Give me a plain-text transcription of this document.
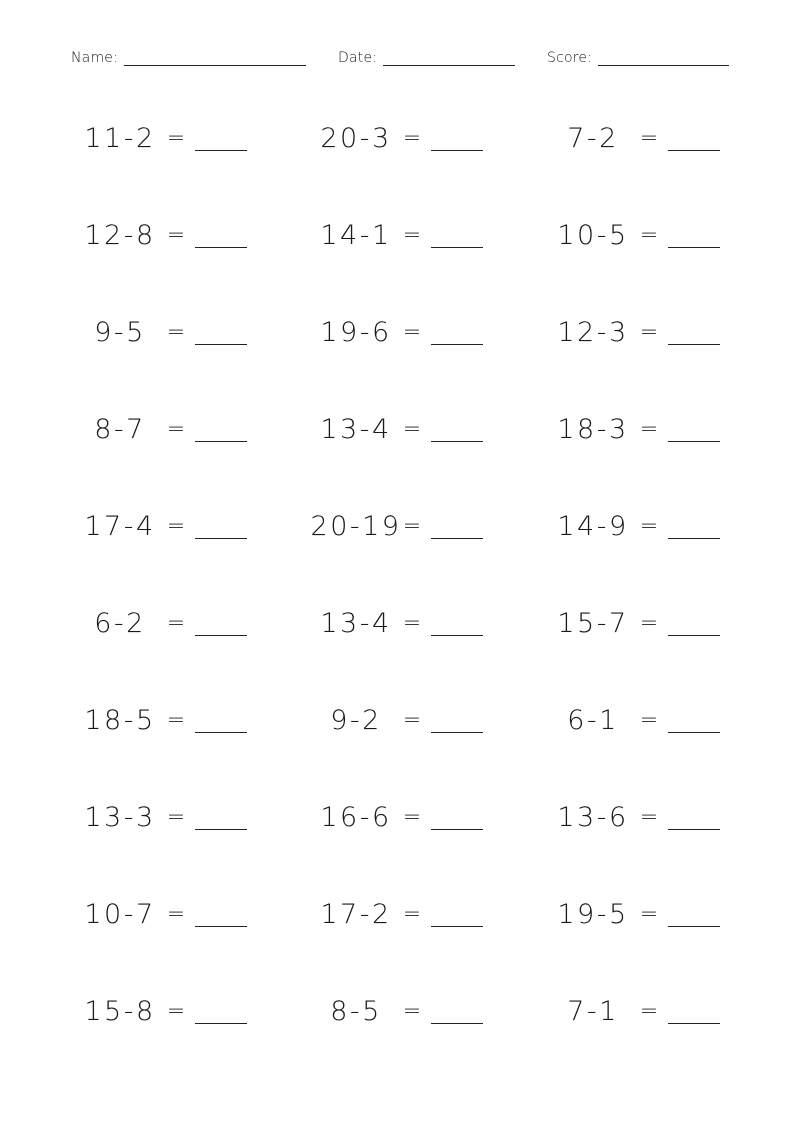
Name:	Date:	Score:
11-2 =	20-3 =	7-2 =
12-8 =	14-1 =	10-5 =
9-5 =	19-6 =	12-3 =
8-7 =	13-4 =	18-3 =
17-4 =	20-19 =	14-9 =
6-2 =	13-4 =	15-7 =
18-5 =	9-2 =	6-1 =
13-3 =	16-6 =	13-6 =
10-7 =	17-2 =	19-5 =
15-8 =	8-5 =	7-1 =
